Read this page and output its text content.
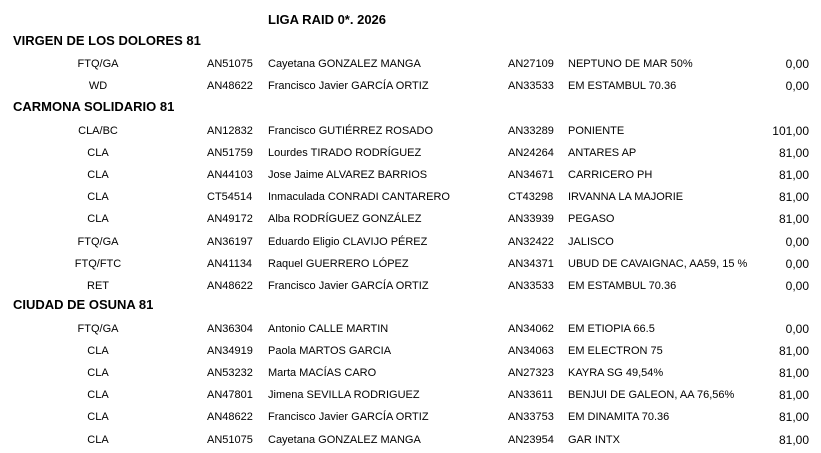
LIGA RAID 0*. 2026
VIRGEN DE LOS DOLORES 81
FTQ/GA	AN51075 Cayetana GONZALEZ MANGA	AN27109 NEPTUNO DE MAR 50%	0,00
WD	AN48622 Francisco Javier GARCÍA ORTIZ	AN33533 EM ESTAMBUL 70.36	0,00
CARMONA SOLIDARIO 81
CLA/BC	AN12832 Francisco GUTIÉRREZ ROSADO	AN33289 PONIENTE	101,00
CLA	AN51759 Lourdes TIRADO RODRÍGUEZ	AN24264 ANTARES AP	81,00
CLA	AN44103 Jose Jaime ALVAREZ BARRIOS	AN34671 CARRICERO PH	81,00
CLA	CT54514 Inmaculada CONRADI CANTARERO	CT43298 IRVANNA LA MAJORIE	81,00
CLA	AN49172 Alba RODRÍGUEZ GONZÁLEZ	AN33939 PEGASO	81,00
FTQ/GA	AN36197 Eduardo Eligio CLAVIJO PÉREZ	AN32422 JALISCO	0,00
FTQ/FTC	AN41134 Raquel GUERRERO LÓPEZ	AN34371 UBUD DE CAVAIGNAC, AA59, 15 %	0,00
RET	AN48622 Francisco Javier GARCÍA ORTIZ	AN33533 EM ESTAMBUL 70.36	0,00
CIUDAD DE OSUNA 81
FTQ/GA	AN36304 Antonio CALLE MARTIN	AN34062 EM ETIOPIA 66.5	0,00
CLA	AN34919 Paola MARTOS GARCIA	AN34063 EM ELECTRON 75	81,00
CLA	AN53232 Marta MACÍAS CARO	AN27323 KAYRA SG 49,54%	81,00
CLA	AN47801 Jimena SEVILLA RODRIGUEZ	AN33611 BENJUI DE GALEON, AA 76,56%	81,00
CLA	AN48622 Francisco Javier GARCÍA ORTIZ	AN33753 EM DINAMITA 70.36	81,00
CLA	AN51075 Cayetana GONZALEZ MANGA	AN23954 GAR INTX	81,00
